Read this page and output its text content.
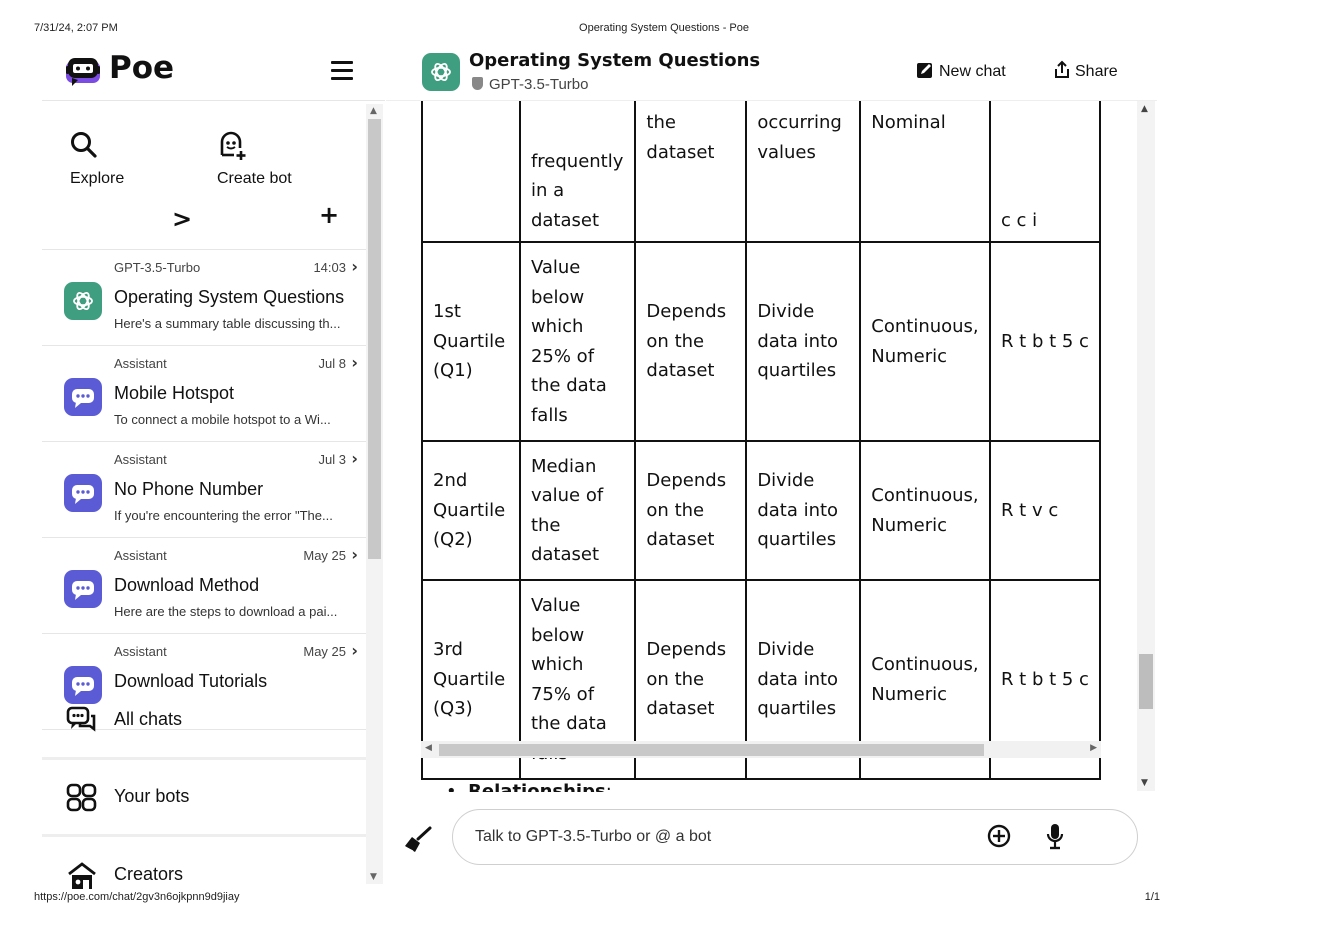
7/31/24, 2:07 PM	Operating System Questions - Poe
https://poe.com/chat/2gv3n6ojkpnn9d9jiay	1/1
Poe
Explore
>
Create bot
+
GPT-3.5-Turbo	14:03 ›
Operating System Questions
Here's a summary table discussing th...
Assistant	Jul 8 ›
Mobile Hotspot
To connect a mobile hotspot to a Wi...
Assistant	Jul 3 ›
No Phone Number
If you're encountering the error "The...
Assistant	May 25 ›
Download Method
Here are the steps to download a pai...
Assistant	May 25 ›
Download Tutorials
All chats
Your bots
Creators
▲
▼
Operating System Questions
GPT-3.5-Turbo
New chat	Share
	frequently in a dataset	the dataset	occurring values	Nominal	c c i
1st Quartile (Q1)	Value below which 25% of the data falls	Depends on the dataset	Divide data into quartiles	Continuous, Numeric	R t b t 5 c
2nd Quartile (Q2)	Median value of the dataset	Depends on the dataset	Divide data into quartiles	Continuous, Numeric	R t v c
3rd Quartile (Q3)	Value below which 75% of the data	Depends on the dataset	Divide data into quartiles	Continuous, Numeric	R t b t 5 c
◀	▶
▲
▼
Talk to GPT-3.5-Turbo or @ a bot
